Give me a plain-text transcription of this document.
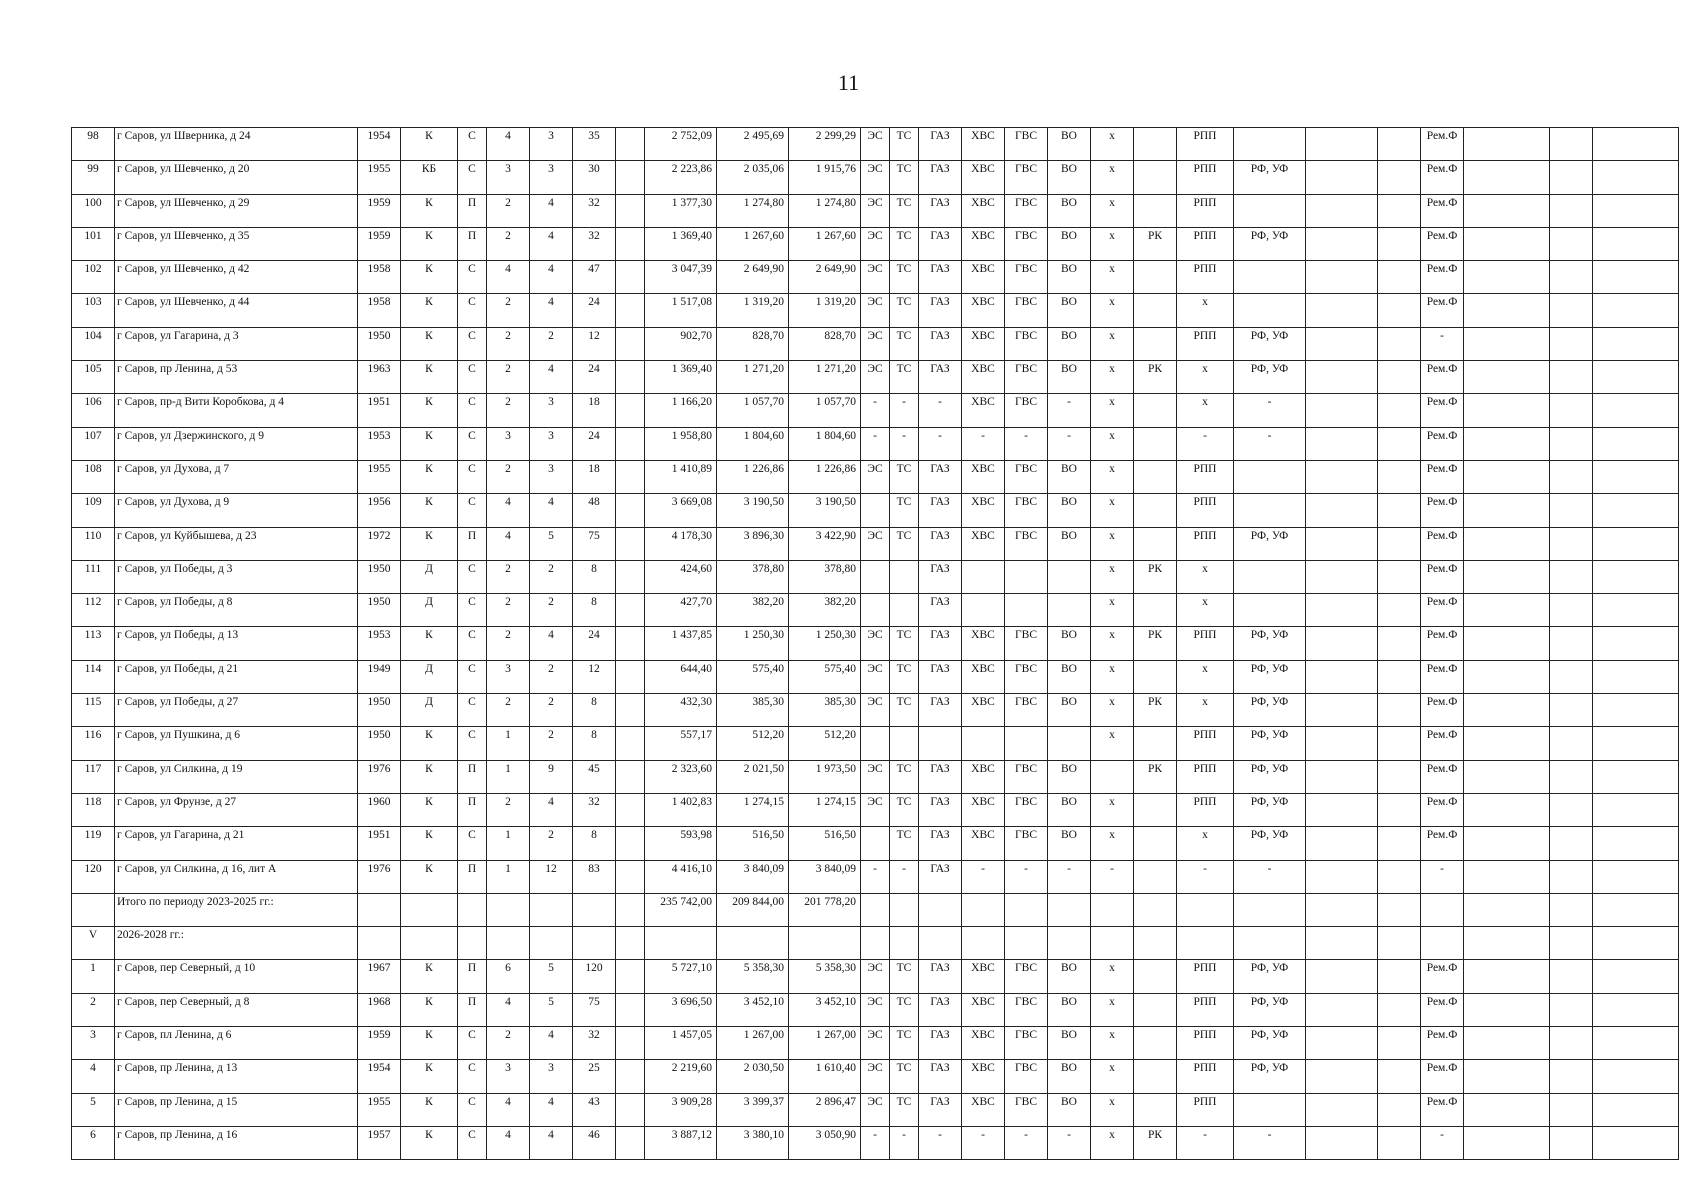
11
98	г Саров, ул Шверника, д 24	1954	К	С	4	3	35		2 752,09	2 495,69	2 299,29	ЭС	ТС	ГАЗ	ХВС	ГВС	ВО	х		РПП				Рем.Ф			
99	г Саров, ул Шевченко, д 20	1955	КБ	С	3	3	30		2 223,86	2 035,06	1 915,76	ЭС	ТС	ГАЗ	ХВС	ГВС	ВО	х		РПП	РФ, УФ			Рем.Ф			
100	г Саров, ул Шевченко, д 29	1959	К	П	2	4	32		1 377,30	1 274,80	1 274,80	ЭС	ТС	ГАЗ	ХВС	ГВС	ВО	х		РПП				Рем.Ф			
101	г Саров, ул Шевченко, д 35	1959	К	П	2	4	32		1 369,40	1 267,60	1 267,60	ЭС	ТС	ГАЗ	ХВС	ГВС	ВО	х	РК	РПП	РФ, УФ			Рем.Ф			
102	г Саров, ул Шевченко, д 42	1958	К	С	4	4	47		3 047,39	2 649,90	2 649,90	ЭС	ТС	ГАЗ	ХВС	ГВС	ВО	х		РПП				Рем.Ф			
103	г Саров, ул Шевченко, д 44	1958	К	С	2	4	24		1 517,08	1 319,20	1 319,20	ЭС	ТС	ГАЗ	ХВС	ГВС	ВО	х		х				Рем.Ф			
104	г Саров, ул Гагарина, д 3	1950	К	С	2	2	12		902,70	828,70	828,70	ЭС	ТС	ГАЗ	ХВС	ГВС	ВО	х		РПП	РФ, УФ			-			
105	г Саров, пр Ленина, д 53	1963	К	С	2	4	24		1 369,40	1 271,20	1 271,20	ЭС	ТС	ГАЗ	ХВС	ГВС	ВО	х	РК	х	РФ, УФ			Рем.Ф			
106	г Саров, пр-д Вити Коробкова, д 4	1951	К	С	2	3	18		1 166,20	1 057,70	1 057,70	-	-	-	ХВС	ГВС	-	х		х	-			Рем.Ф			
107	г Саров, ул Дзержинского, д 9	1953	К	С	3	3	24		1 958,80	1 804,60	1 804,60	-	-	-	-	-	-	х		-	-			Рем.Ф			
108	г Саров, ул Духова, д 7	1955	К	С	2	3	18		1 410,89	1 226,86	1 226,86	ЭС	ТС	ГАЗ	ХВС	ГВС	ВО	х		РПП				Рем.Ф			
109	г Саров, ул Духова, д 9	1956	К	С	4	4	48		3 669,08	3 190,50	3 190,50		ТС	ГАЗ	ХВС	ГВС	ВО	х		РПП				Рем.Ф			
110	г Саров, ул Куйбышева, д 23	1972	К	П	4	5	75		4 178,30	3 896,30	3 422,90	ЭС	ТС	ГАЗ	ХВС	ГВС	ВО	х		РПП	РФ, УФ			Рем.Ф			
111	г Саров, ул Победы, д 3	1950	Д	С	2	2	8		424,60	378,80	378,80			ГАЗ				х	РК	х				Рем.Ф			
112	г Саров, ул Победы, д 8	1950	Д	С	2	2	8		427,70	382,20	382,20			ГАЗ				х		х				Рем.Ф			
113	г Саров, ул Победы, д 13	1953	К	С	2	4	24		1 437,85	1 250,30	1 250,30	ЭС	ТС	ГАЗ	ХВС	ГВС	ВО	х	РК	РПП	РФ, УФ			Рем.Ф			
114	г Саров, ул Победы, д 21	1949	Д	С	3	2	12		644,40	575,40	575,40	ЭС	ТС	ГАЗ	ХВС	ГВС	ВО	х		х	РФ, УФ			Рем.Ф			
115	г Саров, ул Победы, д 27	1950	Д	С	2	2	8		432,30	385,30	385,30	ЭС	ТС	ГАЗ	ХВС	ГВС	ВО	х	РК	х	РФ, УФ			Рем.Ф			
116	г Саров, ул Пушкина, д 6	1950	К	С	1	2	8		557,17	512,20	512,20							х		РПП	РФ, УФ			Рем.Ф			
117	г Саров, ул Силкина, д 19	1976	К	П	1	9	45		2 323,60	2 021,50	1 973,50	ЭС	ТС	ГАЗ	ХВС	ГВС	ВО		РК	РПП	РФ, УФ			Рем.Ф			
118	г Саров, ул Фрунзе, д 27	1960	К	П	2	4	32		1 402,83	1 274,15	1 274,15	ЭС	ТС	ГАЗ	ХВС	ГВС	ВО	х		РПП	РФ, УФ			Рем.Ф			
119	г Саров, ул Гагарина, д 21	1951	К	С	1	2	8		593,98	516,50	516,50		ТС	ГАЗ	ХВС	ГВС	ВО	х		х	РФ, УФ			Рем.Ф			
120	г Саров, ул Силкина, д 16, лит А	1976	К	П	1	12	83		4 416,10	3 840,09	3 840,09	-	-	ГАЗ	-	-	-	-		-	-			-			
	Итого по периоду 2023-2025 гг.:								235 742,00	209 844,00	201 778,20																
V	2026-2028 гг.:																										
1	г Саров, пер Северный, д 10	1967	К	П	6	5	120		5 727,10	5 358,30	5 358,30	ЭС	ТС	ГАЗ	ХВС	ГВС	ВО	х		РПП	РФ, УФ			Рем.Ф			
2	г Саров, пер Северный, д 8	1968	К	П	4	5	75		3 696,50	3 452,10	3 452,10	ЭС	ТС	ГАЗ	ХВС	ГВС	ВО	х		РПП	РФ, УФ			Рем.Ф			
3	г Саров, пл Ленина, д 6	1959	К	С	2	4	32		1 457,05	1 267,00	1 267,00	ЭС	ТС	ГАЗ	ХВС	ГВС	ВО	х		РПП	РФ, УФ			Рем.Ф			
4	г Саров, пр Ленина, д 13	1954	К	С	3	3	25		2 219,60	2 030,50	1 610,40	ЭС	ТС	ГАЗ	ХВС	ГВС	ВО	х		РПП	РФ, УФ			Рем.Ф			
5	г Саров, пр Ленина, д 15	1955	К	С	4	4	43		3 909,28	3 399,37	2 896,47	ЭС	ТС	ГАЗ	ХВС	ГВС	ВО	х		РПП				Рем.Ф			
6	г Саров, пр Ленина, д 16	1957	К	С	4	4	46		3 887,12	3 380,10	3 050,90	-	-	-	-	-	-	х	РК	-	-			-			
